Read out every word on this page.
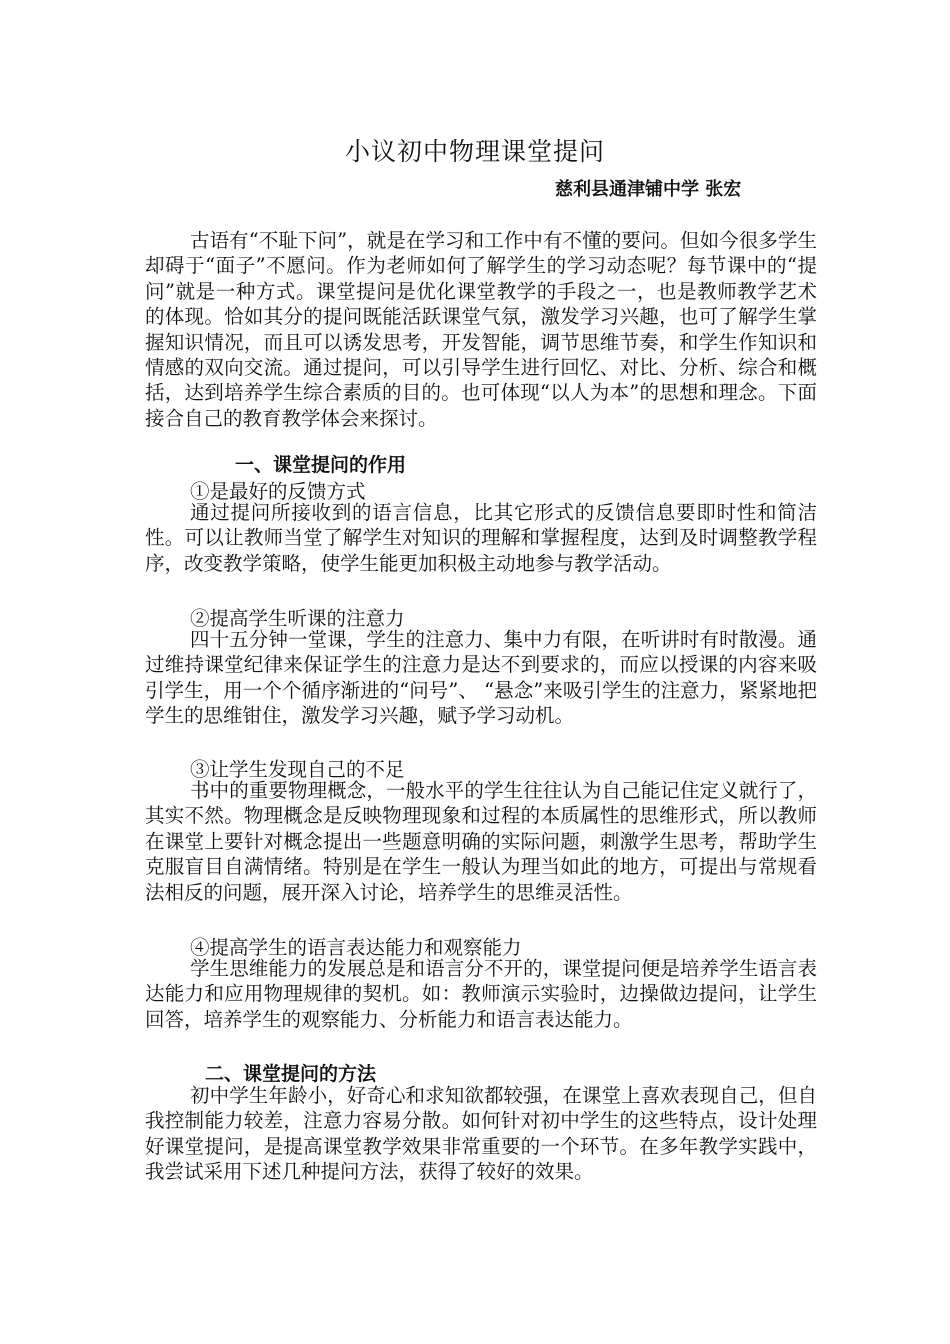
小议初中物理课堂提问
慈利县通津铺中学 张宏

古语有“不耻下问”，就是在学习和工作中有不懂的要问。但如今很多学生却碍于“面子”不愿问。作为老师如何了解学生的学习动态呢？每节课中的“提问”就是一种方式。课堂提问是优化课堂教学的手段之一，也是教师教学艺术的体现。恰如其分的提问既能活跃课堂气氛，激发学习兴趣，也可了解学生掌握知识情况，而且可以诱发思考，开发智能，调节思维节奏，和学生作知识和情感的双向交流。通过提问，可以引导学生进行回忆、对比、分析、综合和概括，达到培养学生综合素质的目的。也可体现“以人为本”的思想和理念。下面接合自己的教育教学体会来探讨。

一、课堂提问的作用
①是最好的反馈方式

通过提问所接收到的语言信息，比其它形式的反馈信息要即时性和简洁性。可以让教师当堂了解学生对知识的理解和掌握程度，达到及时调整教学程序，改变教学策略，使学生能更加积极主动地参与教学活动。

②提高学生听课的注意力

四十五分钟一堂课，学生的注意力、集中力有限，在听讲时有时散漫。通过维持课堂纪律来保证学生的注意力是达不到要求的，而应以授课的内容来吸引学生，用一个个循序渐进的“问号”、 “悬念”来吸引学生的注意力，紧紧地把学生的思维钳住，激发学习兴趣，赋予学习动机。

③让学生发现自己的不足

书中的重要物理概念，一般水平的学生往往认为自己能记住定义就行了，其实不然。物理概念是反映物理现象和过程的本质属性的思维形式，所以教师在课堂上要针对概念提出一些题意明确的实际问题，刺激学生思考，帮助学生克服盲目自满情绪。特别是在学生一般认为理当如此的地方，可提出与常规看法相反的问题，展开深入讨论，培养学生的思维灵活性。

④提高学生的语言表达能力和观察能力

学生思维能力的发展总是和语言分不开的，课堂提问便是培养学生语言表达能力和应用物理规律的契机。如：教师演示实验时，边操做边提问，让学生回答，培养学生的观察能力、分析能力和语言表达能力。

二、课堂提问的方法

初中学生年龄小，好奇心和求知欲都较强，在课堂上喜欢表现自己，但自我控制能力较差，注意力容易分散。如何针对初中学生的这些特点，设计处理好课堂提问，是提高课堂教学效果非常重要的一个环节。在多年教学实践中，我尝试采用下述几种提问方法，获得了较好的效果。
